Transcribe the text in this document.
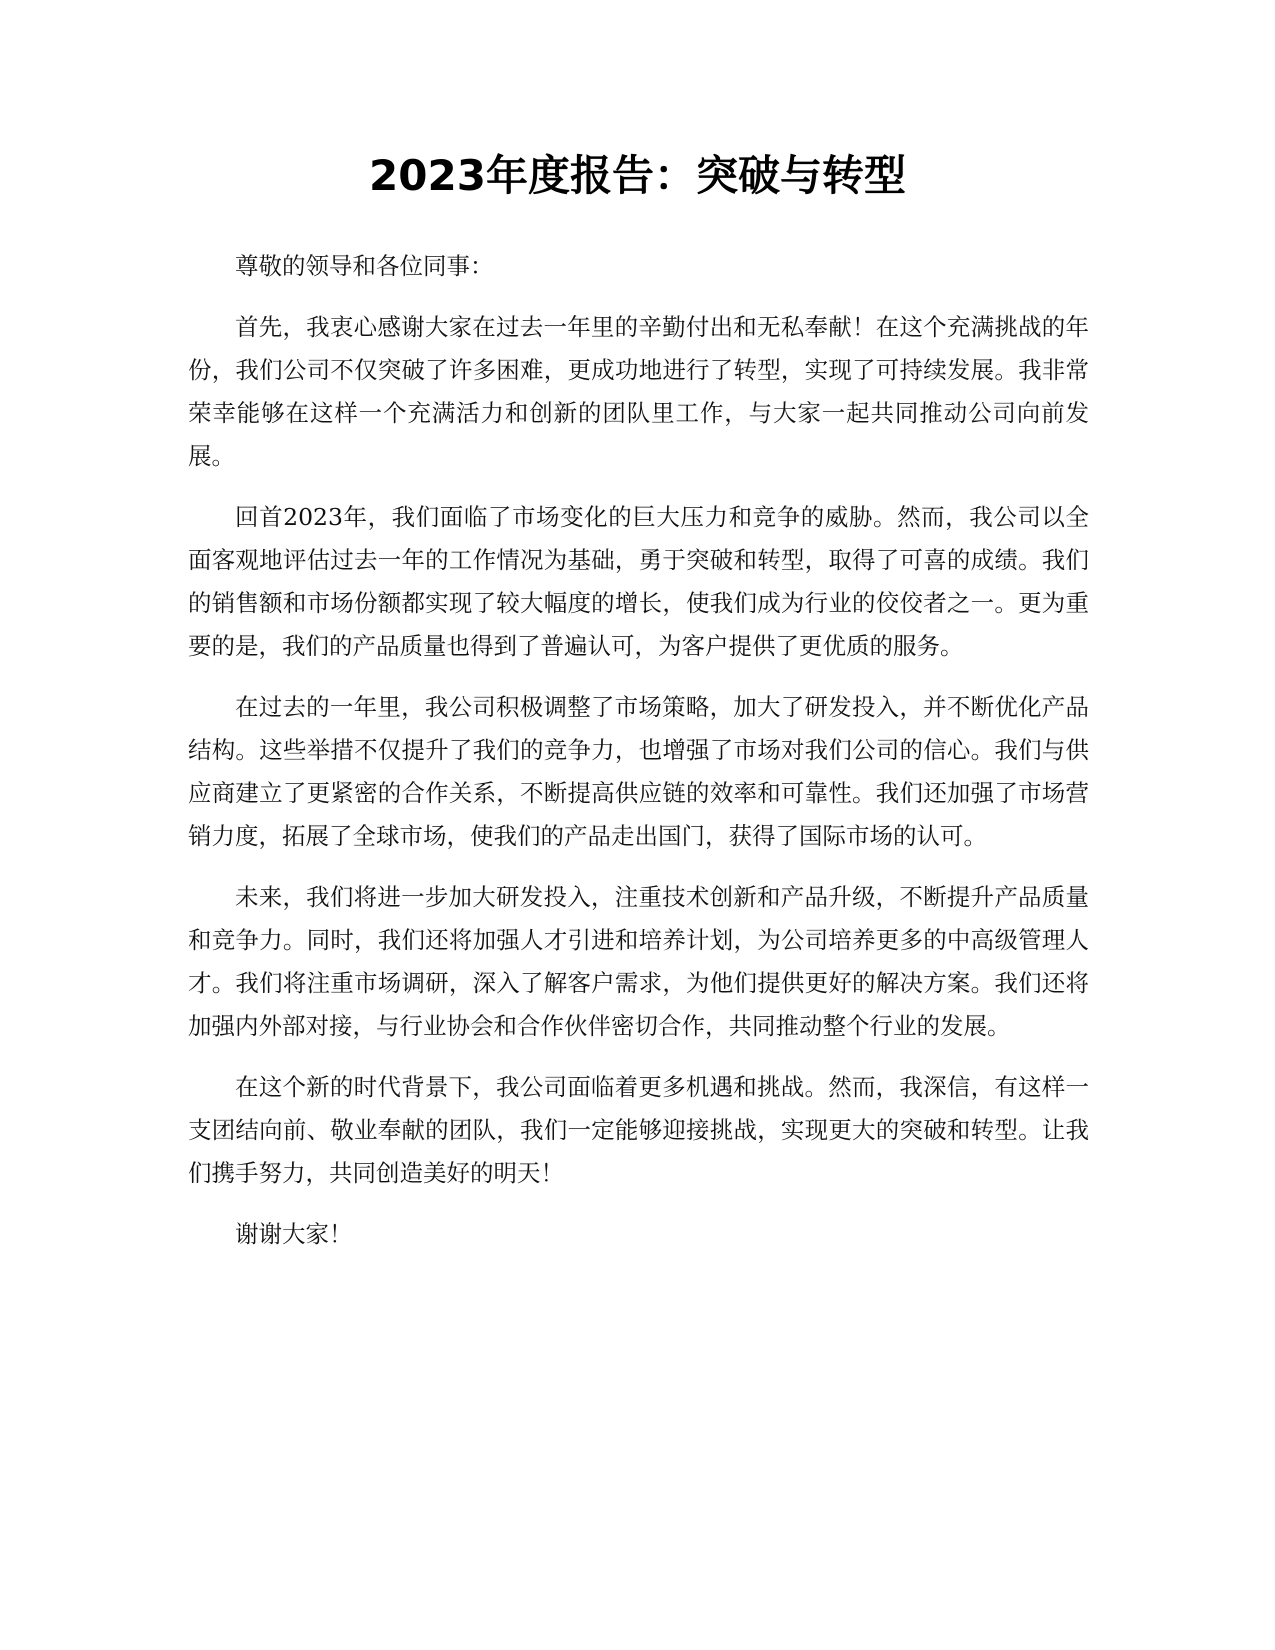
2023年度报告：突破与转型

尊敬的领导和各位同事：

首先，我衷心感谢大家在过去一年里的辛勤付出和无私奉献！在这个充满挑战的年份，我们公司不仅突破了许多困难，更成功地进行了转型，实现了可持续发展。我非常荣幸能够在这样一个充满活力和创新的团队里工作，与大家一起共同推动公司向前发展。

回首2023年，我们面临了市场变化的巨大压力和竞争的威胁。然而，我公司以全面客观地评估过去一年的工作情况为基础，勇于突破和转型，取得了可喜的成绩。我们的销售额和市场份额都实现了较大幅度的增长，使我们成为行业的佼佼者之一。更为重要的是，我们的产品质量也得到了普遍认可，为客户提供了更优质的服务。

在过去的一年里，我公司积极调整了市场策略，加大了研发投入，并不断优化产品结构。这些举措不仅提升了我们的竞争力，也增强了市场对我们公司的信心。我们与供应商建立了更紧密的合作关系，不断提高供应链的效率和可靠性。我们还加强了市场营销力度，拓展了全球市场，使我们的产品走出国门，获得了国际市场的认可。

未来，我们将进一步加大研发投入，注重技术创新和产品升级，不断提升产品质量和竞争力。同时，我们还将加强人才引进和培养计划，为公司培养更多的中高级管理人才。我们将注重市场调研，深入了解客户需求，为他们提供更好的解决方案。我们还将加强内外部对接，与行业协会和合作伙伴密切合作，共同推动整个行业的发展。

在这个新的时代背景下，我公司面临着更多机遇和挑战。然而，我深信，有这样一支团结向前、敬业奉献的团队，我们一定能够迎接挑战，实现更大的突破和转型。让我们携手努力，共同创造美好的明天！

谢谢大家！
